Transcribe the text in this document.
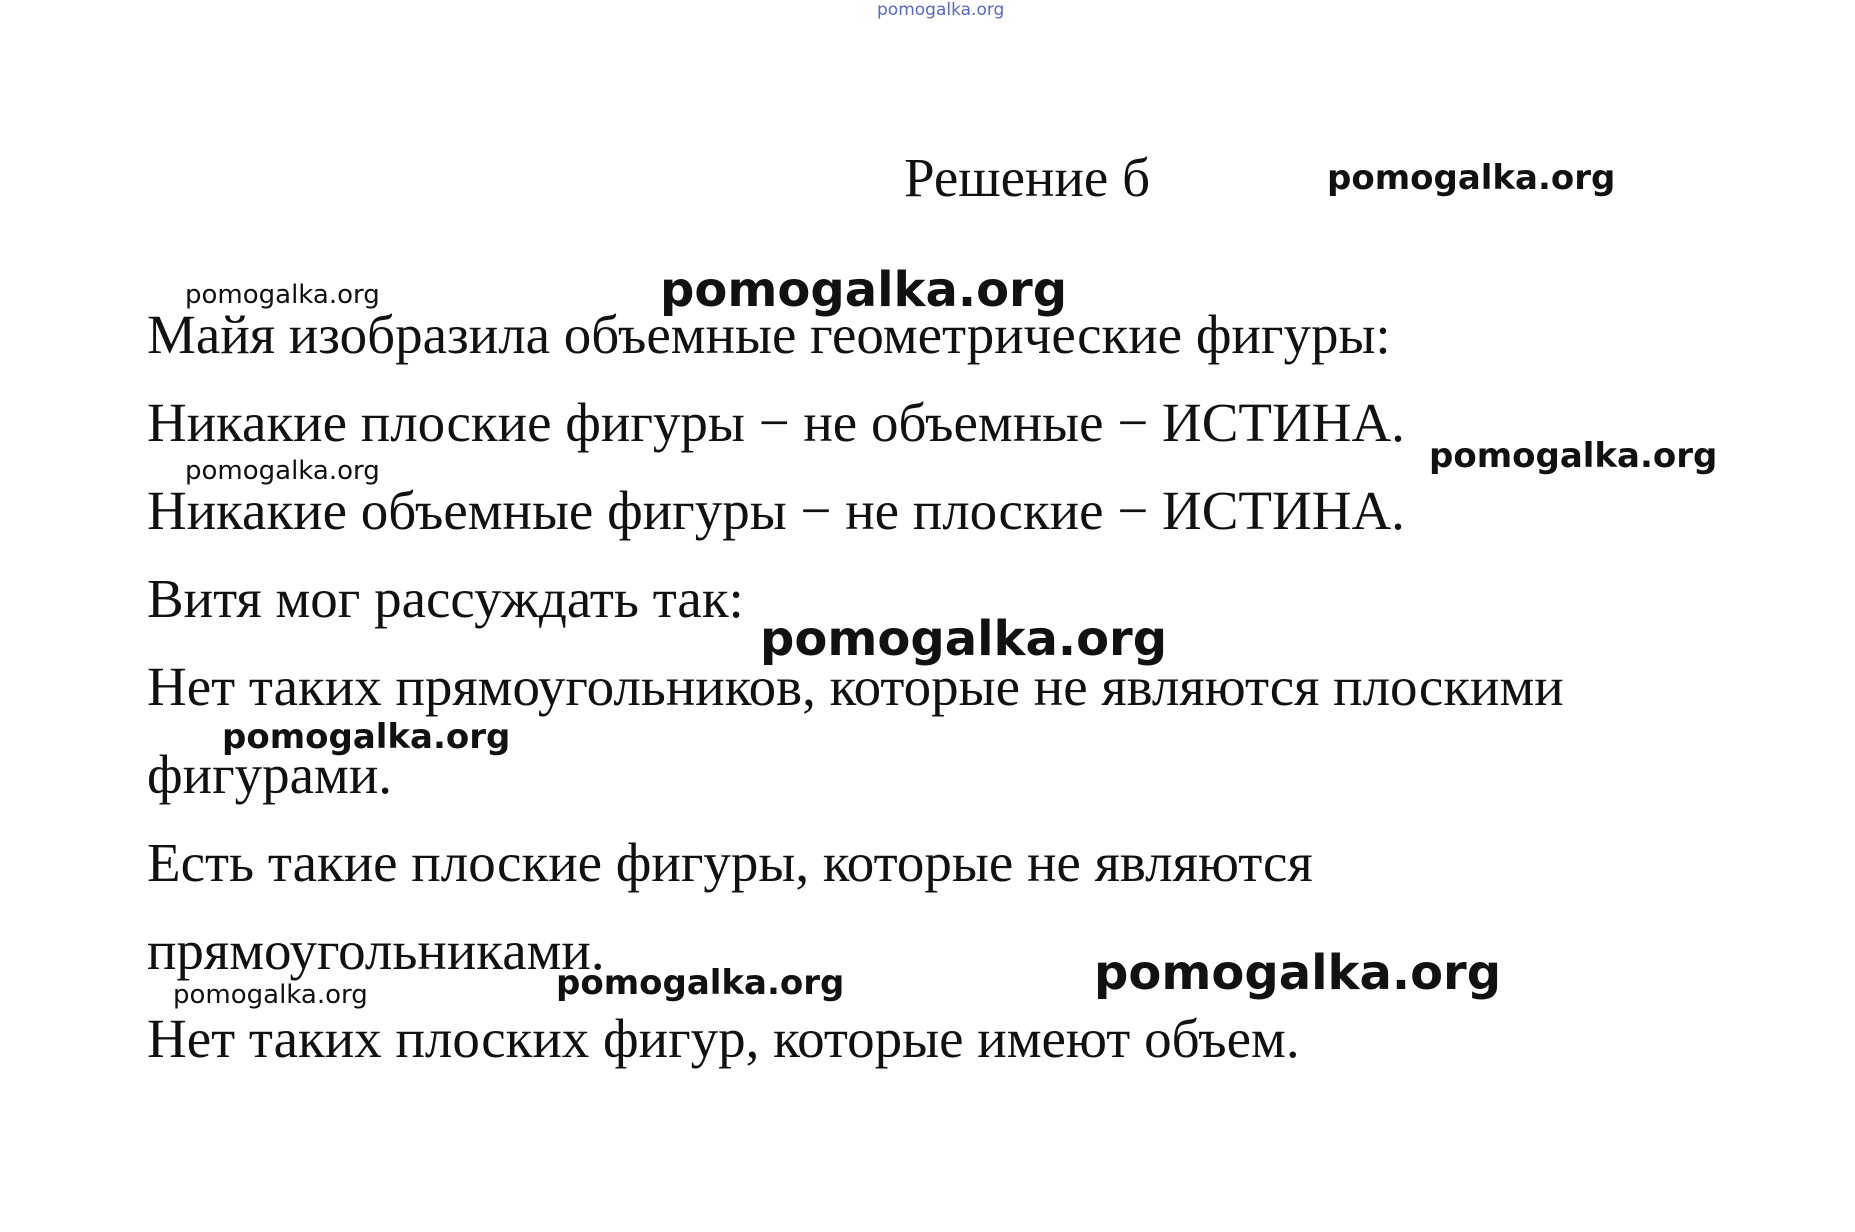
pomogalka.org
Решение б
Майя изобразила объемные геометрические фигуры:
Никакие плоские фигуры − не объемные − ИСТИНА.
Никакие объемные фигуры − не плоские − ИСТИНА.
Витя мог рассуждать так:
Нет таких прямоугольников, которые не являются плоскими
фигурами.
Есть такие плоские фигуры, которые не являются
прямоугольниками.
Нет таких плоских фигур, которые имеют объем.
pomogalka.org
pomogalka.org	pomogalka.org
pomogalka.org
pomogalka.org
pomogalka.org
pomogalka.org
pomogalka.org	pomogalka.org	pomogalka.org
